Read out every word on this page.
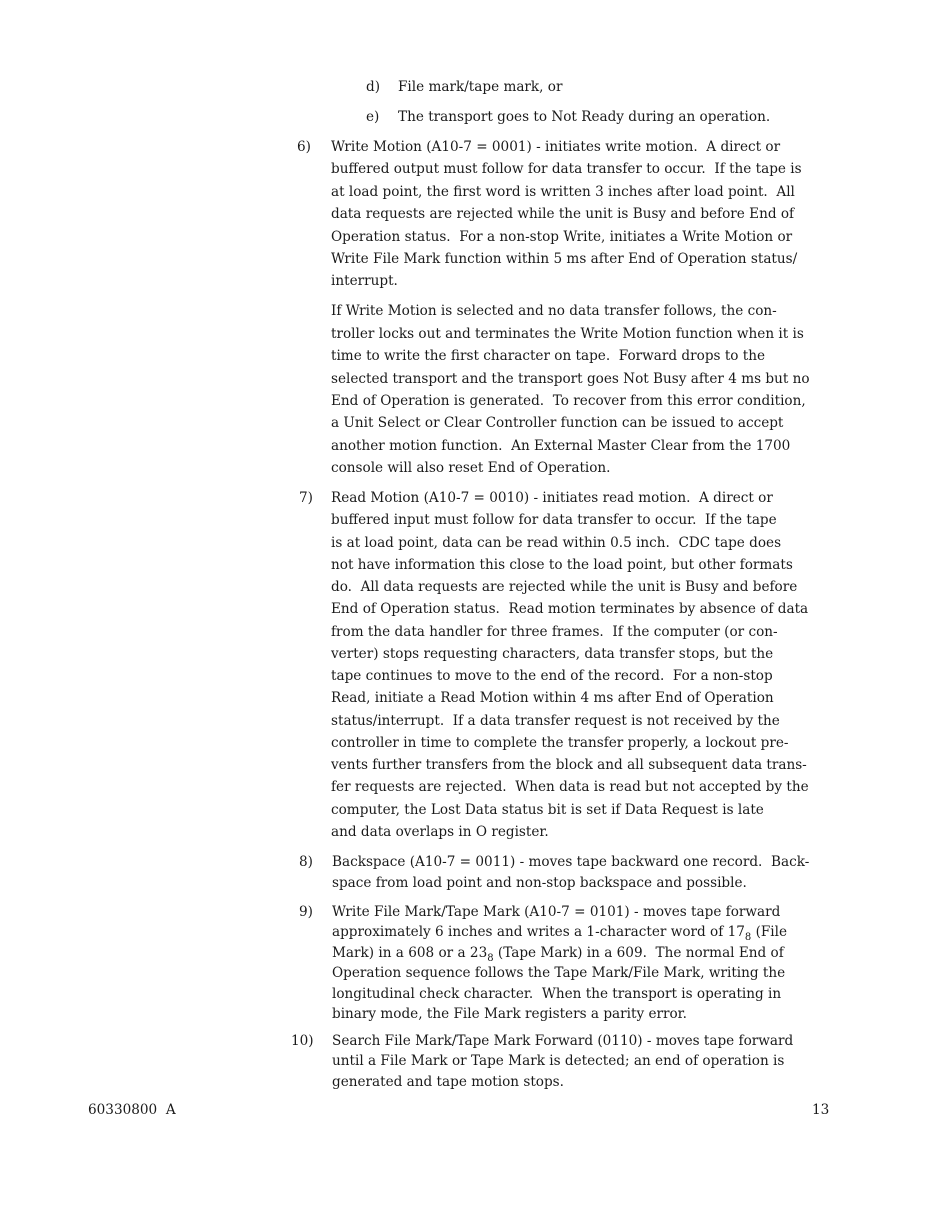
d) File mark/tape mark, or
e) The transport goes to Not Ready during an operation.
6) Write Motion (A10-7 = 0001) - initiates write motion.  A direct or
buffered output must follow for data transfer to occur.  If the tape is
at load point, the first word is written 3 inches after load point.  All
data requests are rejected while the unit is Busy and before End of
Operation status.  For a non-stop Write, initiates a Write Motion or
Write File Mark function within 5 ms after End of Operation status/
interrupt.
If Write Motion is selected and no data transfer follows, the con-
troller locks out and terminates the Write Motion function when it is
time to write the first character on tape.  Forward drops to the
selected transport and the transport goes Not Busy after 4 ms but no
End of Operation is generated.  To recover from this error condition,
a Unit Select or Clear Controller function can be issued to accept
another motion function.  An External Master Clear from the 1700
console will also reset End of Operation.
7) Read Motion (A10-7 = 0010) - initiates read motion.  A direct or
buffered input must follow for data transfer to occur.  If the tape
is at load point, data can be read within 0.5 inch.  CDC tape does
not have information this close to the load point, but other formats
do.  All data requests are rejected while the unit is Busy and before
End of Operation status.  Read motion terminates by absence of data
from the data handler for three frames.  If the computer (or con-
verter) stops requesting characters, data transfer stops, but the
tape continues to move to the end of the record.  For a non-stop
Read, initiate a Read Motion within 4 ms after End of Operation
status/interrupt.  If a data transfer request is not received by the
controller in time to complete the transfer properly, a lockout pre-
vents further transfers from the block and all subsequent data trans-
fer requests are rejected.  When data is read but not accepted by the
computer, the Lost Data status bit is set if Data Request is late
and data overlaps in O register.
8) Backspace (A10-7 = 0011) - moves tape backward one record.  Back-
space from load point and non-stop backspace and possible.
9) Write File Mark/Tape Mark (A10-7 = 0101) - moves tape forward
approximately 6 inches and writes a 1-character word of $17_8$ (File
Mark) in a 608 or a $23_8$ (Tape Mark) in a 609.  The normal End of
Operation sequence follows the Tape Mark/File Mark, writing the
longitudinal check character.  When the transport is operating in
binary mode, the File Mark registers a parity error.
10) Search File Mark/Tape Mark Forward (0110) - moves tape forward
until a File Mark or Tape Mark is detected; an end of operation is
generated and tape motion stops.
60330800  A	13
